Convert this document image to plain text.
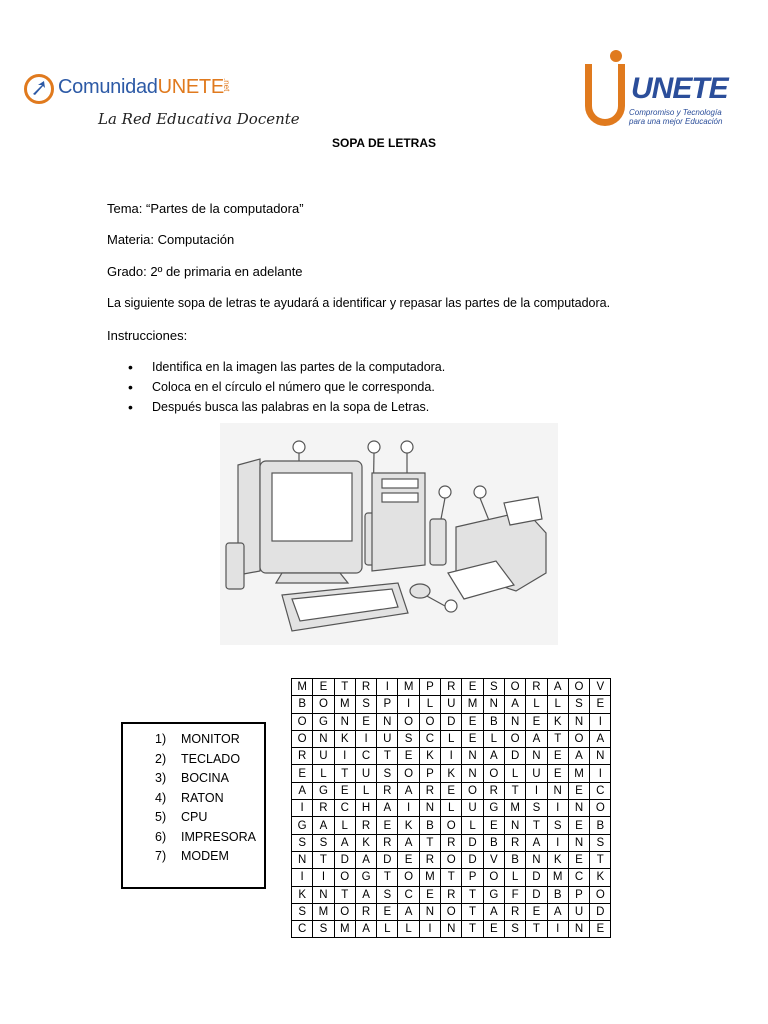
ComunidadUNETE
.net
La Red Educativa Docente
UNETE
Compromiso y Tecnología
para una mejor Educación
SOPA DE LETRAS
Tema: “Partes de la computadora”
Materia: Computación
Grado: 2º de primaria en adelante
La siguiente sopa de letras te ayudará a identificar y repasar las partes de la computadora.
Instrucciones:
• Identifica en la imagen las partes de la computadora.
• Coloca en el círculo el número que le corresponda.
• Después busca las palabras en la sopa de Letras.
1) MONITOR
2) TECLADO
3) BOCINA
4) RATON
5) CPU
6) IMPRESORA
7) MODEM
M	E	T	R	I	M	P	R	E	S	O	R	A	O	V
B	O	M	S	P	I	L	U	M	N	A	L	L	S	E
O	G	N	E	N	O	O	D	E	B	N	E	K	N	I
O	N	K	I	U	S	C	L	E	L	O	A	T	O	A
R	U	I	C	T	E	K	I	N	A	D	N	E	A	N
E	L	T	U	S	O	P	K	N	O	L	U	E	M	I
A	G	E	L	R	A	R	E	O	R	T	I	N	E	C
I	R	C	H	A	I	N	L	U	G	M	S	I	N	O
G	A	L	R	E	K	B	O	L	E	N	T	S	E	B
S	S	A	K	R	A	T	R	D	B	R	A	I	N	S
N	T	D	A	D	E	R	O	D	V	B	N	K	E	T
I	I	O	G	T	O	M	T	P	O	L	D	M	C	K
K	N	T	A	S	C	E	R	T	G	F	D	B	P	O
S	M	O	R	E	A	N	O	T	A	R	E	A	U	D
C	S	M	A	L	L	I	N	T	E	S	T	I	N	E
